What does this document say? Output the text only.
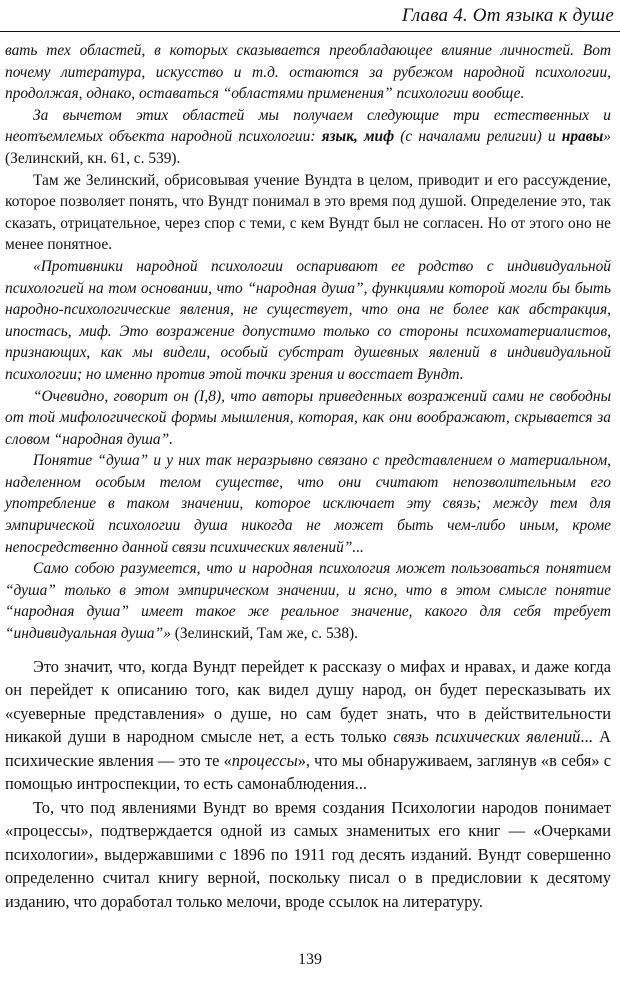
Глава 4. От языка к душе

вать тех областей, в которых сказывается преобладающее влияние личностей. Вот почему литература, искусство и т.д. остаются за рубежом народной психологии, продолжая, однако, оставаться “областями применения” психологии вообще.

За вычетом этих областей мы получаем следующие три естественных и неотъемлемых объекта народной психологии: язык, миф (с началами религии) и нравы» (Зелинский, кн. 61, с. 539).

Там же Зелинский, обрисовывая учение Вундта в целом, приводит и его рассуждение, которое позволяет понять, что Вундт понимал в это время под душой. Определение это, так сказать, отрицательное, через спор с теми, с кем Вундт был не согласен. Но от этого оно не менее понятное.

«Противники народной психологии оспаривают ее родство с индивидуальной психологией на том основании, что “народная душа”, функциями которой могли бы быть народно-психологические явления, не существует, что она не более как абстракция, ипостась, миф. Это возражение допустимо только со стороны психоматериалистов, признающих, как мы видели, особый субстрат душевных явлений в индивидуальной психологии; но именно против этой точки зрения и восстает Вундт.

“Очевидно, говорит он (I,8), что авторы приведенных возражений сами не свободны от той мифологической формы мышления, которая, как они воображают, скрывается за словом “народная душа”.

Понятие “душа” и у них так неразрывно связано с представлением о материальном, наделенном особым телом существе, что они считают непозволительным его употребление в таком значении, которое исключает эту связь; между тем для эмпирической психологии душа никогда не может быть чем-либо иным, кроме непосредственно данной связи психических явлений”...

Само собою разумеется, что и народная психология может пользоваться понятием “душа” только в этом эмпирическом значении, и ясно, что в этом смысле понятие “народная душа” имеет такое же реальное значение, какого для себя требует “индивидуальная душа”» (Зелинский, Там же, с. 538).

Это значит, что, когда Вундт перейдет к рассказу о мифах и нравах, и даже когда он перейдет к описанию того, как видел душу народ, он будет пересказывать их «суеверные представления» о душе, но сам будет знать, что в действительности никакой души в народном смысле нет, а есть только связь психических явлений... А психические явления — это те «процессы», что мы обнаруживаем, заглянув «в себя» с помощью интроспекции, то есть самонаблюдения...

То, что под явлениями Вундт во время создания Психологии народов понимает «процессы», подтверждается одной из самых знаменитых его книг — «Очерками психологии», выдержавшими с 1896 по 1911 год десять изданий. Вундт совершенно определенно считал книгу верной, поскольку писал о в предисловии к десятому изданию, что доработал только мелочи, вроде ссылок на литературу.

139
